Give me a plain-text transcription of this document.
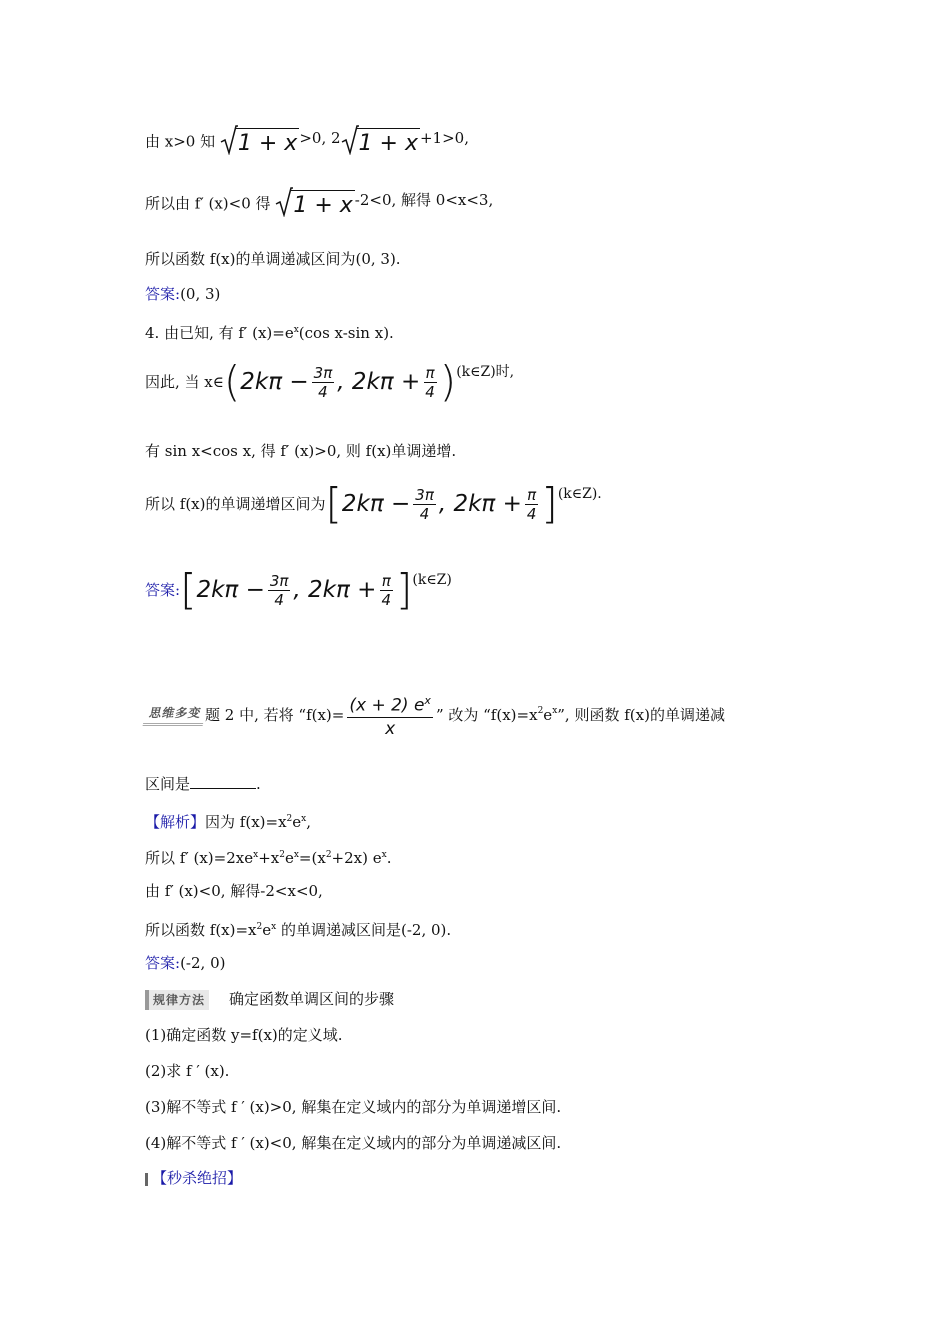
由 x>0 知 1 + x >0, 2 1 + x +1>0,
所以由 f′ (x)<0 得 1 + x -2<0, 解得 0<x<3,
所以函数 f(x)的单调递减区间为(0, 3).
答案:(0, 3)
4. 由已知, 有 f′ $(x)=e^x(\cos$ x-sin x).
因此, 当 x∈(2kπ − $\frac{3\pi}{4}$ , $2k\pi + \frac{\pi}{4}$ )(k∈Z)时,
有 sin x<cos x, 得 f′ (x)>0, 则 f(x)单调递增.
所以 f(x)的单调递增区间为[$2k\pi - \frac{3\pi}{4}$ , $2k\pi + \frac{\pi}{4}$ ](k∈Z).
答案:[2kπ − $\frac{3\pi}{4}$ , $2k\pi + \frac{\pi}{4}$ ](k∈Z)
思维多变 题 2 中, 若将 “$f(x)= \frac{(x + 2) e^x}{x}$ ” 改为 “$f(x)=x^2e^x$”, 则函数 f(x)的单调递减
区间是	.
【解析】因为 $f(x)=x^2e^x$,
所以 f′ $(x)=2xe^x+x^2e^x=(x^2+2x)$ $e^x$.
由 f′ (x)<0, 解得-2<x<0,
所以函数 $f(x)=x^2e^x$ 的单调递减区间是(-2, 0).
答案:(-2, 0)
规律方法 确定函数单调区间的步骤
(1)确定函数 y=f(x)的定义域.
(2)求 f ′ (x).
(3)解不等式 f ′ (x)>0, 解集在定义域内的部分为单调递增区间.
(4)解不等式 f ′ (x)<0, 解集在定义域内的部分为单调递减区间.
【秒杀绝招】
